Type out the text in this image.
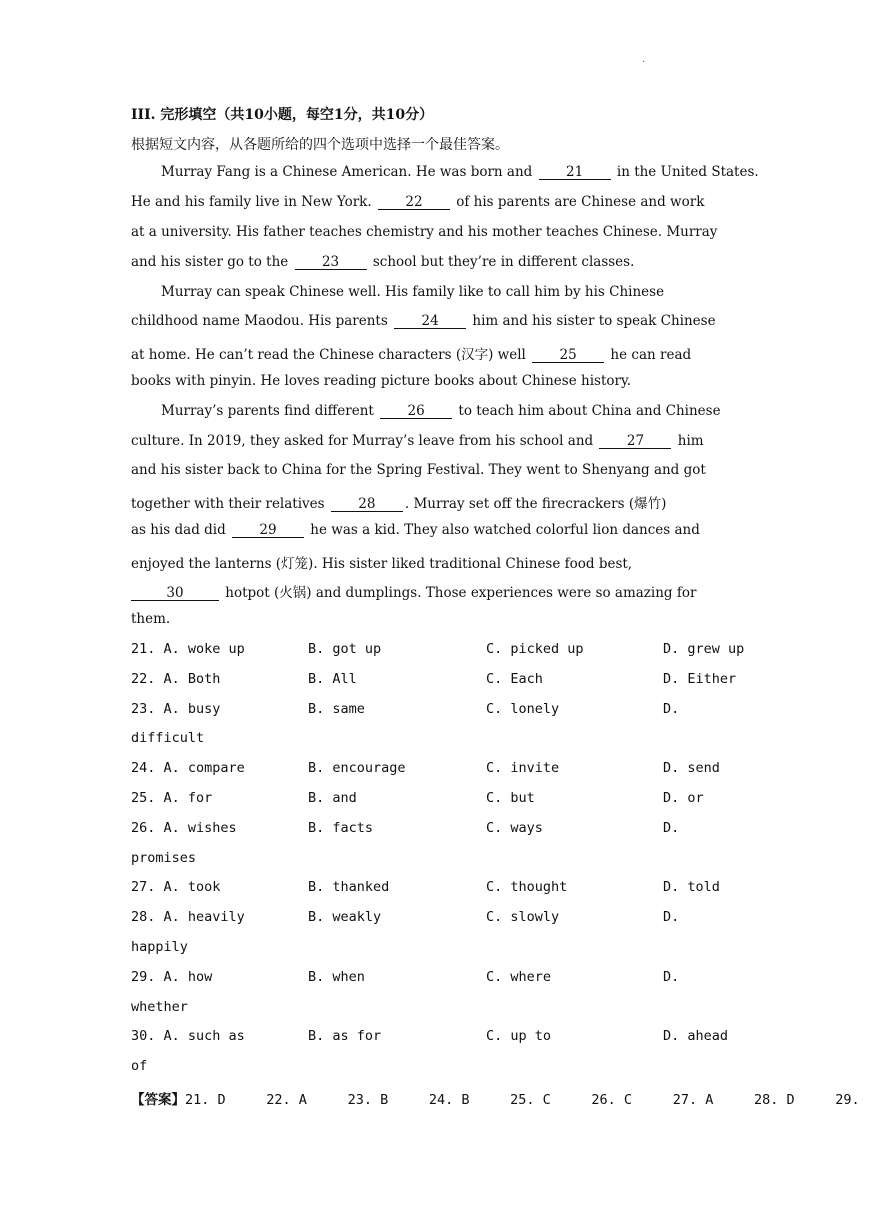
.
III. 完形填空（共10小题，每空1分，共10分）
根据短文内容，从各题所给的四个选项中选择一个最佳答案。
Murray Fang is a Chinese American. He was born and 21 in the United States.
He and his family live in New York. 22 of his parents are Chinese and work
at a university. His father teaches chemistry and his mother teaches Chinese. Murray
and his sister go to the 23 school but they’re in different classes.
Murray can speak Chinese well. His family like to call him by his Chinese
childhood name Maodou. His parents 24 him and his sister to speak Chinese
at home. He can’t read the Chinese characters (汉字) well 25 he can read
books with pinyin. He loves reading picture books about Chinese history.
Murray’s parents find different 26 to teach him about China and Chinese
culture. In 2019, they asked for Murray’s leave from his school and 27 him
and his sister back to China for the Spring Festival. They went to Shenyang and got
together with their relatives 28 . Murray set off the firecrackers (爆竹)
as his dad did 29 he was a kid. They also watched colorful lion dances and
enjoyed the lanterns (灯笼). His sister liked traditional Chinese food best,
30	hotpot (火锅) and dumplings. Those experiences were so amazing for
them.
21. A. woke up	B. got up	C. picked up	D. grew up
22. A. Both	B. All	C. Each	D. Either
23. A. busy	B. same	C. lonely	D.
difficult
24. A. compare	B. encourage	C. invite	D. send
25. A. for	B. and	C. but	D. or
26. A. wishes	B. facts	C. ways	D.
promises
27. A. took	B. thanked	C. thought	D. told
28. A. heavily	B. weakly	C. slowly	D.
happily
29. A. how	B. when	C. where	D.
whether
30. A. such as	B. as for	C. up to	D. ahead
of
【答案】21. D	22. A	23. B	24. B	25. C	26. C	27. A	28. D	29.
